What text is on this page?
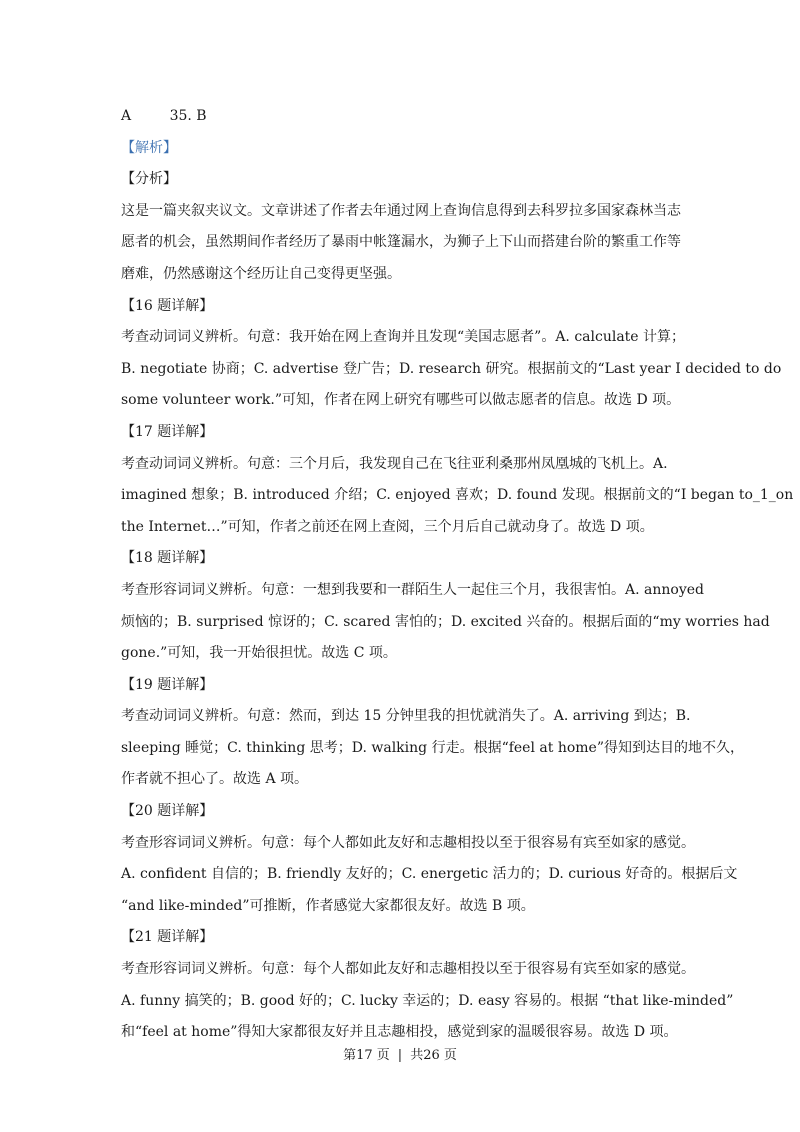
A	35. B
【解析】
【分析】
这是一篇夹叙夹议文。文章讲述了作者去年通过网上查询信息得到去科罗拉多国家森林当志
愿者的机会，虽然期间作者经历了暴雨中帐篷漏水，为狮子上下山而搭建台阶的繁重工作等
磨难，仍然感谢这个经历让自己变得更坚强。
【16 题详解】
考查动词词义辨析。句意：我开始在网上查询并且发现“美国志愿者”。A. calculate 计算；
B. negotiate 协商；C. advertise 登广告；D. research 研究。根据前文的“Last year I decided to do
some volunteer work.”可知，作者在网上研究有哪些可以做志愿者的信息。故选 D 项。
【17 题详解】
考查动词词义辨析。句意：三个月后，我发现自己在飞往亚利桑那州凤凰城的飞机上。A.
imagined 想象；B. introduced 介绍；C. enjoyed 喜欢；D. found 发现。根据前文的“I began to_1_on
the Internet…”可知，作者之前还在网上查阅，三个月后自己就动身了。故选 D 项。
【18 题详解】
考查形容词词义辨析。句意：一想到我要和一群陌生人一起住三个月，我很害怕。A. annoyed
烦恼的；B. surprised 惊讶的；C. scared 害怕的；D. excited 兴奋的。根据后面的“my worries had
gone.”可知，我一开始很担忧。故选 C 项。
【19 题详解】
考查动词词义辨析。句意：然而，到达 15 分钟里我的担忧就消失了。A. arriving 到达；B.
sleeping 睡觉；C. thinking 思考；D. walking 行走。根据“feel at home”得知到达目的地不久，
作者就不担心了。故选 A 项。
【20 题详解】
考查形容词词义辨析。句意：每个人都如此友好和志趣相投以至于很容易有宾至如家的感觉。
A. confident 自信的；B. friendly 友好的；C. energetic 活力的；D. curious 好奇的。根据后文
“and like-minded”可推断，作者感觉大家都很友好。故选 B 项。
【21 题详解】
考查形容词词义辨析。句意：每个人都如此友好和志趣相投以至于很容易有宾至如家的感觉。
A. funny 搞笑的；B. good 好的；C. lucky 幸运的；D. easy 容易的。根据 “that like-minded”
和“feel at home”得知大家都很友好并且志趣相投，感觉到家的温暖很容易。故选 D 项。
第17 页 | 共26 页
